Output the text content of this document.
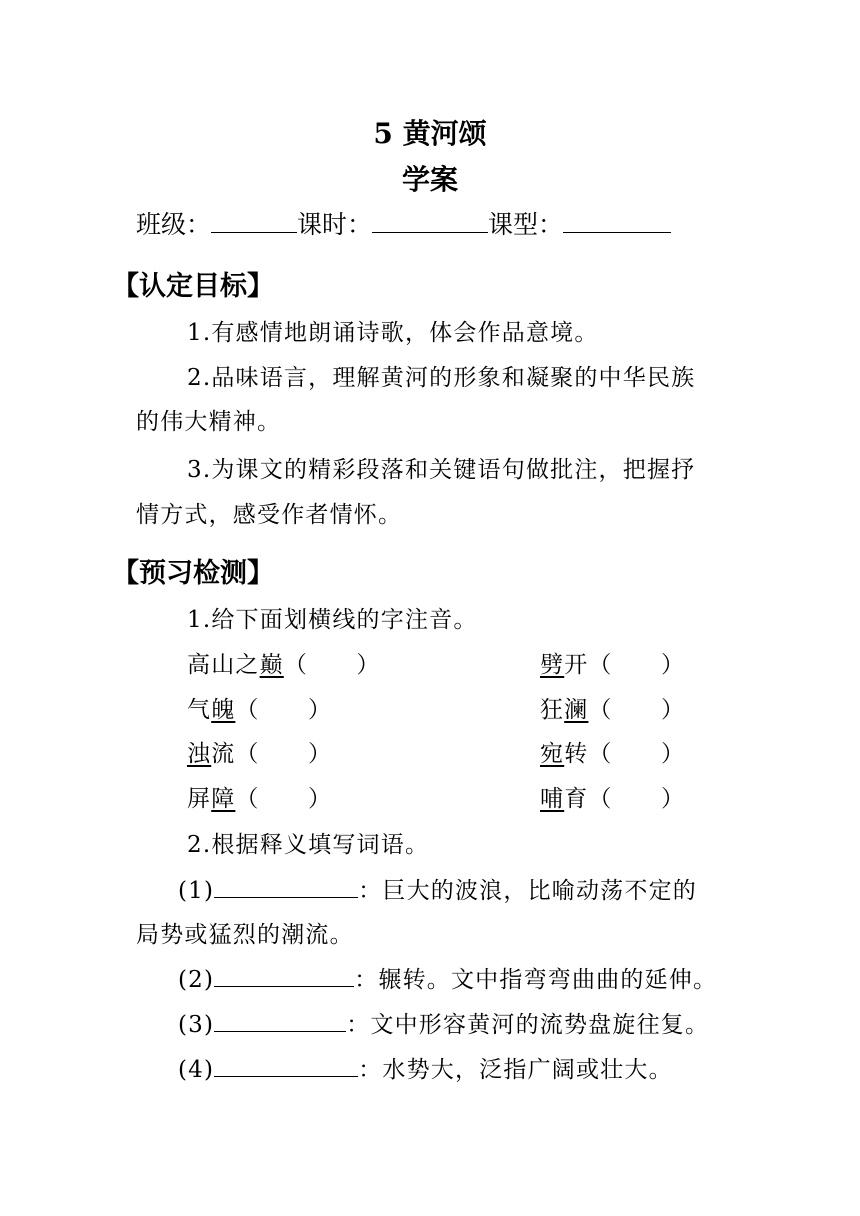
5 黄河颂
学案
班级：	课时：	课型：
【认定目标】
1.有感情地朗诵诗歌，体会作品意境。
2.品味语言，理解黄河的形象和凝聚的中华民族
的伟大精神。
3.为课文的精彩段落和关键语句做批注，把握抒
情方式，感受作者情怀。
【预习检测】
1.给下面划横线的字注音。
高山之巅（　　）	劈开（　　）
气魄（　　）	狂澜（　　）
浊流（　　）	宛转（　　）
屏障（　　）	哺育（　　）
2.根据释义填写词语。
(1)	：巨大的波浪，比喻动荡不定的
局势或猛烈的潮流。
(2)	：辗转。文中指弯弯曲曲的延伸。
(3)	：文中形容黄河的流势盘旋往复。
(4)	：水势大，泛指广阔或壮大。
